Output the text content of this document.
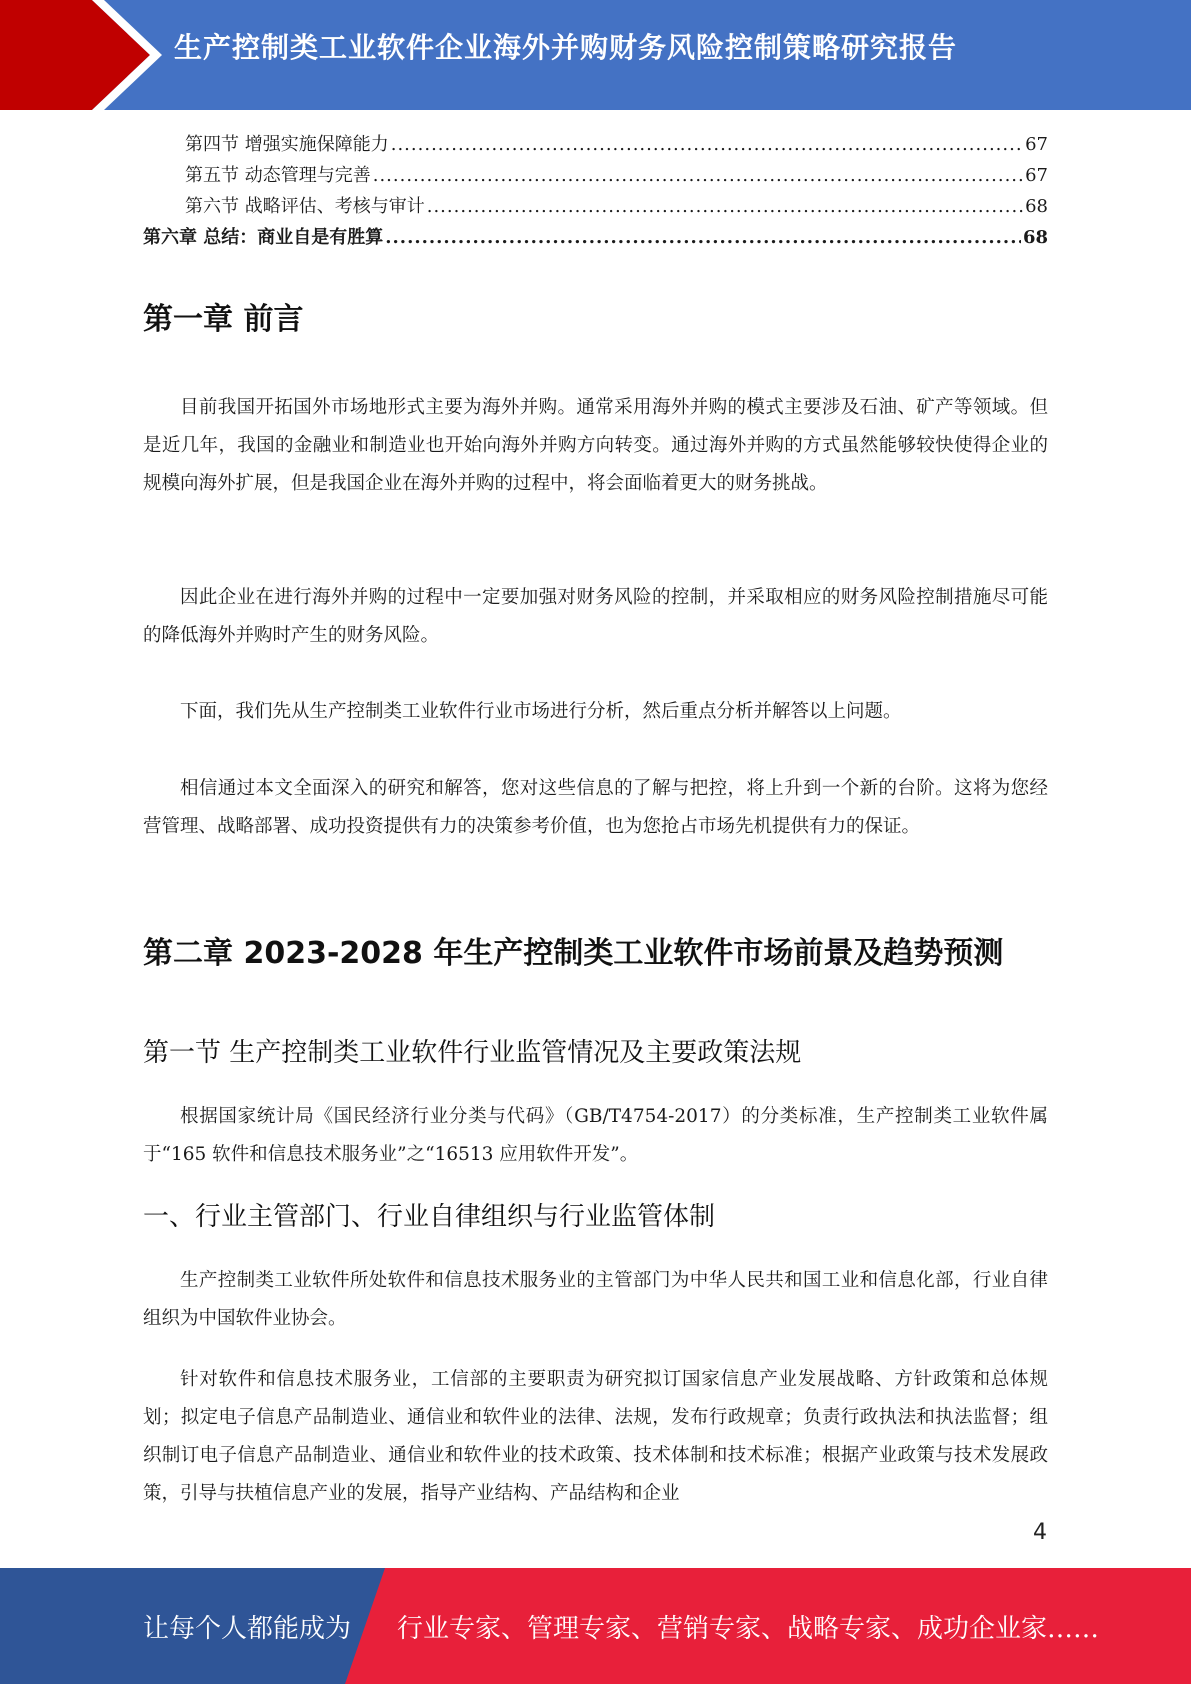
生产控制类工业软件企业海外并购财务风险控制策略研究报告
第四节 增强实施保障能力 .....	67
第五节 动态管理与完善 .....	67
第六节 战略评估、考核与审计 .....	68
第六章 总结：商业自是有胜算 .....	68
第一章 前言

目前我国开拓国外市场地形式主要为海外并购。通常采用海外并购的模式主要涉及石油、矿产等领域。但是近几年，我国的金融业和制造业也开始向海外并购方向转变。通过海外并购的方式虽然能够较快使得企业的规模向海外扩展，但是我国企业在海外并购的过程中，将会面临着更大的财务挑战。

因此企业在进行海外并购的过程中一定要加强对财务风险的控制，并采取相应的财务风险控制措施尽可能的降低海外并购时产生的财务风险。

下面，我们先从生产控制类工业软件行业市场进行分析，然后重点分析并解答以上问题。

相信通过本文全面深入的研究和解答，您对这些信息的了解与把控，将上升到一个新的台阶。这将为您经营管理、战略部署、成功投资提供有力的决策参考价值，也为您抢占市场先机提供有力的保证。

第二章 2023-2028 年生产控制类工业软件市场前景及趋势预测
第一节 生产控制类工业软件行业监管情况及主要政策法规

根据国家统计局《国民经济行业分类与代码》（GB/T4754-2017）的分类标准，生产控制类工业软件属于“165 软件和信息技术服务业”之“16513 应用软件开发”。

一、行业主管部门、行业自律组织与行业监管体制

生产控制类工业软件所处软件和信息技术服务业的主管部门为中华人民共和国工业和信息化部，行业自律组织为中国软件业协会。

针对软件和信息技术服务业，工信部的主要职责为研究拟订国家信息产业发展战略、方针政策和总体规划；拟定电子信息产品制造业、通信业和软件业的法律、法规，发布行政规章；负责行政执法和执法监督；组织制订电子信息产品制造业、通信业和软件业的技术政策、技术体制和技术标准；根据产业政策与技术发展政策，引导与扶植信息产业的发展，指导产业结构、产品结构和企业

4
让每个人都能成为 行业专家、管理专家、营销专家、战略专家、成功企业家……
